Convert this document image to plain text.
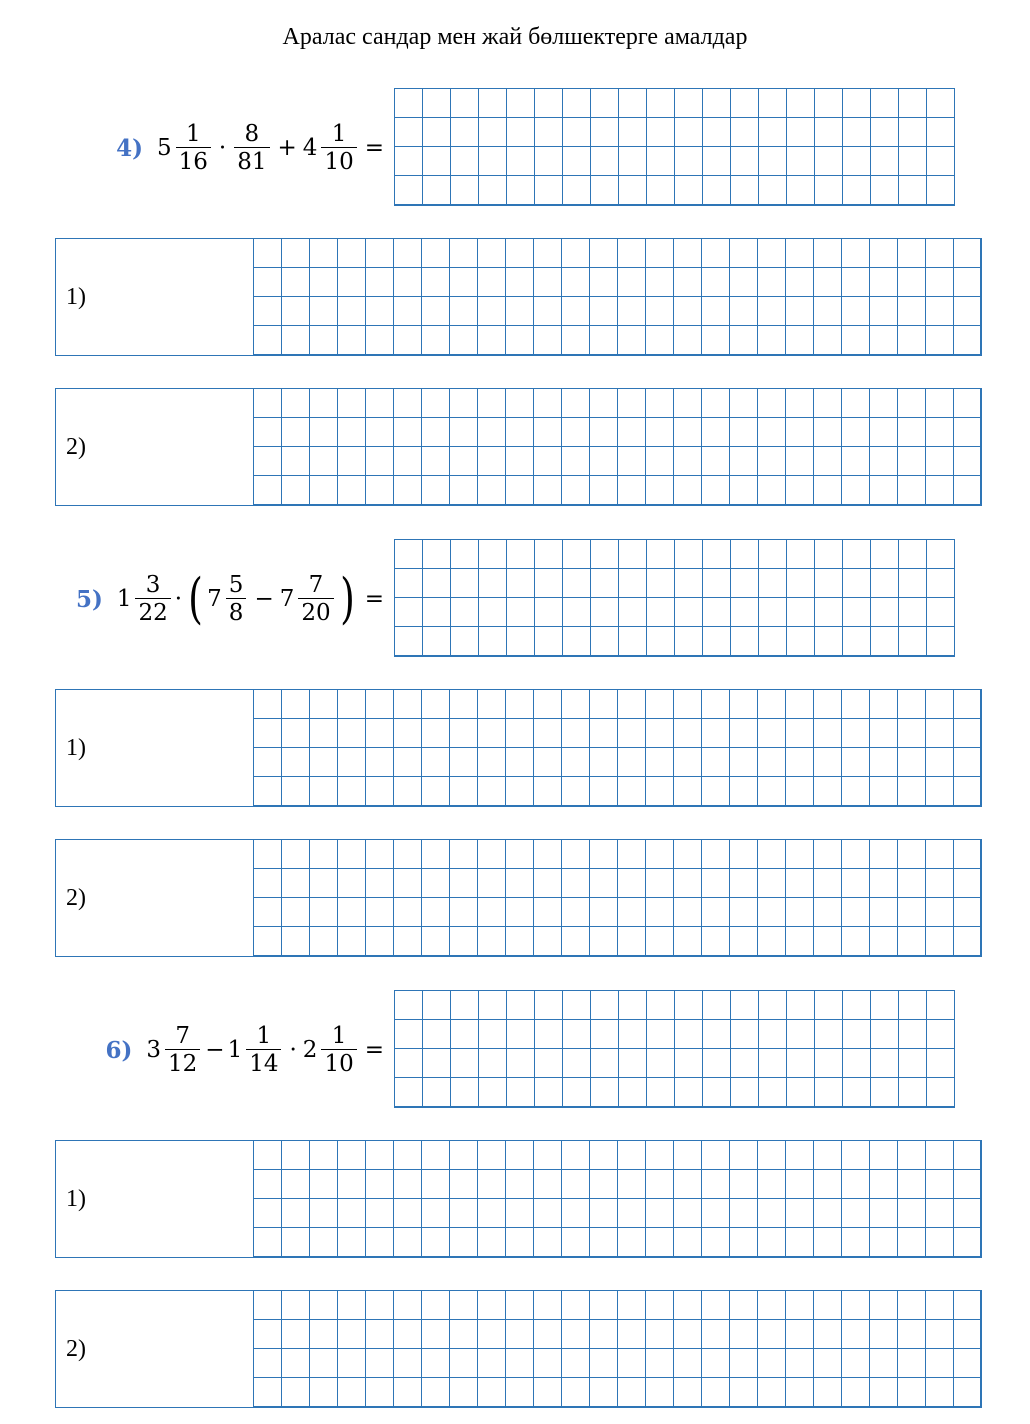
Аралас сандар мен жай бөлшектерге амалдар
4) $5 \frac{1}{16} \cdot \frac{8}{81} + 4 \frac{1}{10}$ =
1)
2)
5) $1 \frac{3}{22}$ · ( $7 \frac{5}{8} - 7 \frac{7}{20}$ ) =
1)
2)
6) $3 \frac{7}{12} - 1 \frac{1}{14} \cdot 2 \frac{1}{10}$ =
1)
2)
